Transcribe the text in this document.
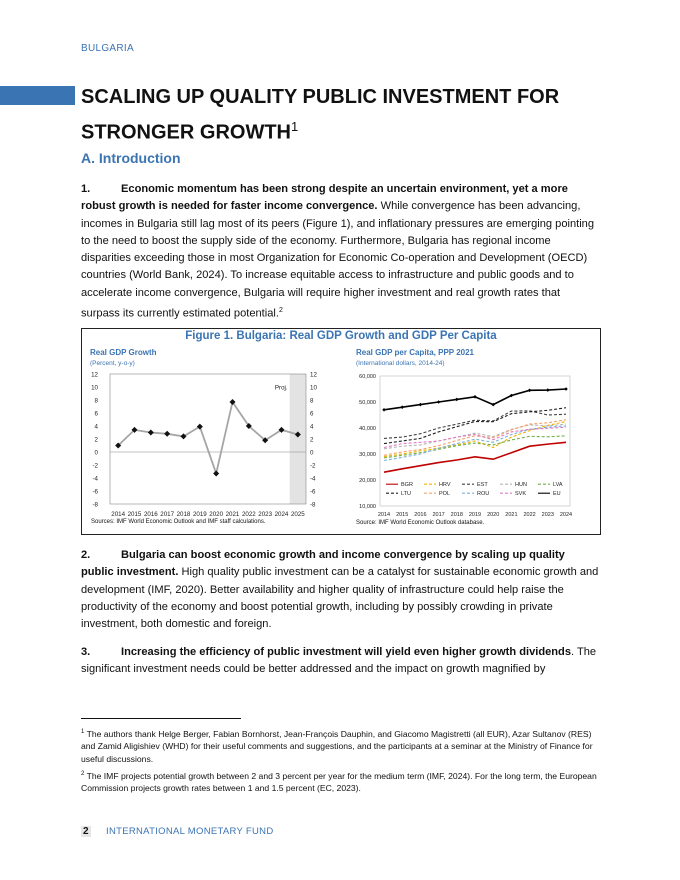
BULGARIA
SCALING UP QUALITY PUBLIC INVESTMENT FOR STRONGER GROWTH$^1$
A. Introduction
1.	Economic momentum has been strong despite an uncertain environment, yet a more robust growth is needed for faster income convergence. While convergence has been advancing, incomes in Bulgaria still lag most of its peers (Figure 1), and inflationary pressures are emerging pointing to the need to boost the supply side of the economy. Furthermore, Bulgaria has regional income disparities exceeding those in most Organization for Economic Co-operation and Development (OECD) countries (World Bank, 2024). To increase equitable access to infrastructure and public goods and to accelerate income convergence, Bulgaria will require higher investment and real growth rates that surpass its currently estimated potential.$^2$
Figure 1. Bulgaria: Real GDP Growth and GDP Per Capita
Real GDP Growth
(Percent, y-o-y)
12	12
10	10
8	8
6	6
4	4
2	2
0	0
-2	-2
-4	-4
-6	-6
-8	-8
2014 2015 2016 2017 2018 2019 2020 2021 2022 2023 2024 2025
Proj.
Sources: IMF World Economic Outlook and IMF staff calculations.
Real GDP per Capita, PPP 2021
(International dollars, 2014-24)
60,000
50,000
40,000
30,000
20,000
10,000
2014 2015 2016 2017 2018 2019 2020 2021 2022 2023 2024
BGR	HRV	EST	HUN	LVA
LTU	POL	ROU	SVK	EU
Source: IMF World Economic Outlook database.
2.	Bulgaria can boost economic growth and income convergence by scaling up quality public investment. High quality public investment can be a catalyst for sustainable economic growth and development (IMF, 2020). Better availability and higher quality of infrastructure could help raise the productivity of the economy and boost potential growth, including by possibly crowding in private investment, both domestic and foreign.
3.	Increasing the efficiency of public investment will yield even higher growth dividends. The significant investment needs could be better addressed and the impact on growth magnified by
$^1$ The authors thank Helge Berger, Fabian Bornhorst, Jean-François Dauphin, and Giacomo Magistretti (all EUR), Azar Sultanov (RES) and Zamid Aligishiev (WHD) for their useful comments and suggestions, and the participants at a seminar at the Ministry of Finance for useful discussions.
$^2$ The IMF projects potential growth between 2 and 3 percent per year for the medium term (IMF, 2024). For the long term, the European Commission projects growth rates between 1 and 1.5 percent (EC, 2023).
2 INTERNATIONAL MONETARY FUND
